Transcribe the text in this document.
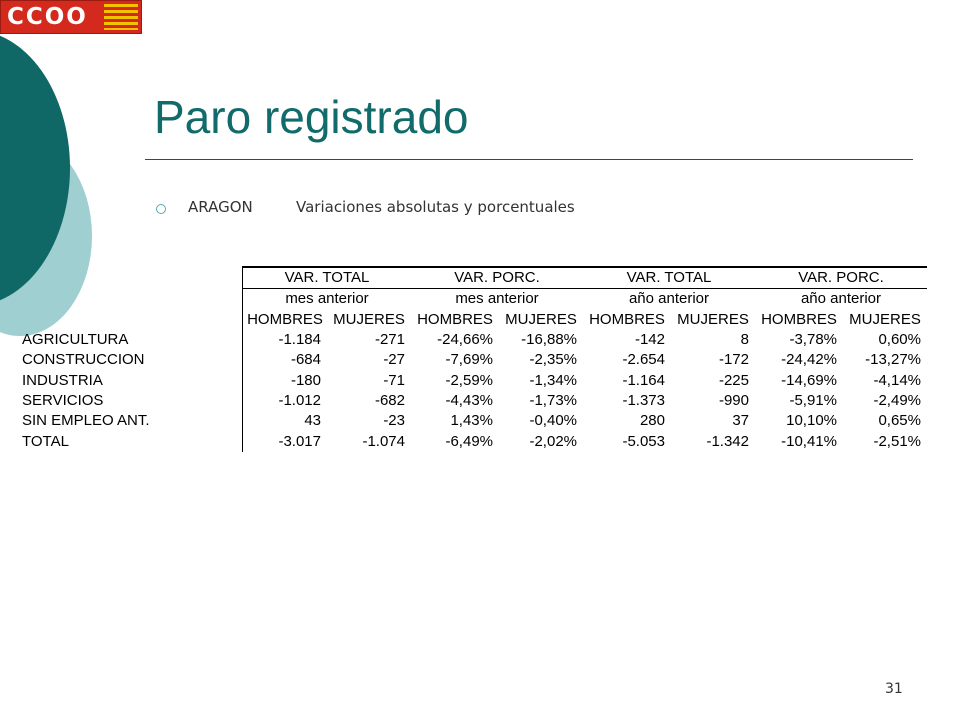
CCOO
Paro registrado
ARAGON	Variaciones absolutas y porcentuales
	VAR. TOTAL		VAR. PORC.		VAR. TOTAL		VAR. PORC.	
	mes anterior		mes anterior		año anterior		año anterior	
	HOMBRES	MUJERES	HOMBRES	MUJERES	HOMBRES	MUJERES	HOMBRES	MUJERES
AGRICULTURA	-1.184	-271	-24,66%	-16,88%	-142	8	-3,78%	0,60%
CONSTRUCCION	-684	-27	-7,69%	-2,35%	-2.654	-172	-24,42%	-13,27%
INDUSTRIA	-180	-71	-2,59%	-1,34%	-1.164	-225	-14,69%	-4,14%
SERVICIOS	-1.012	-682	-4,43%	-1,73%	-1.373	-990	-5,91%	-2,49%
SIN EMPLEO ANT.	43	-23	1,43%	-0,40%	280	37	10,10%	0,65%
TOTAL	-3.017	-1.074	-6,49%	-2,02%	-5.053	-1.342	-10,41%	-2,51%
31
